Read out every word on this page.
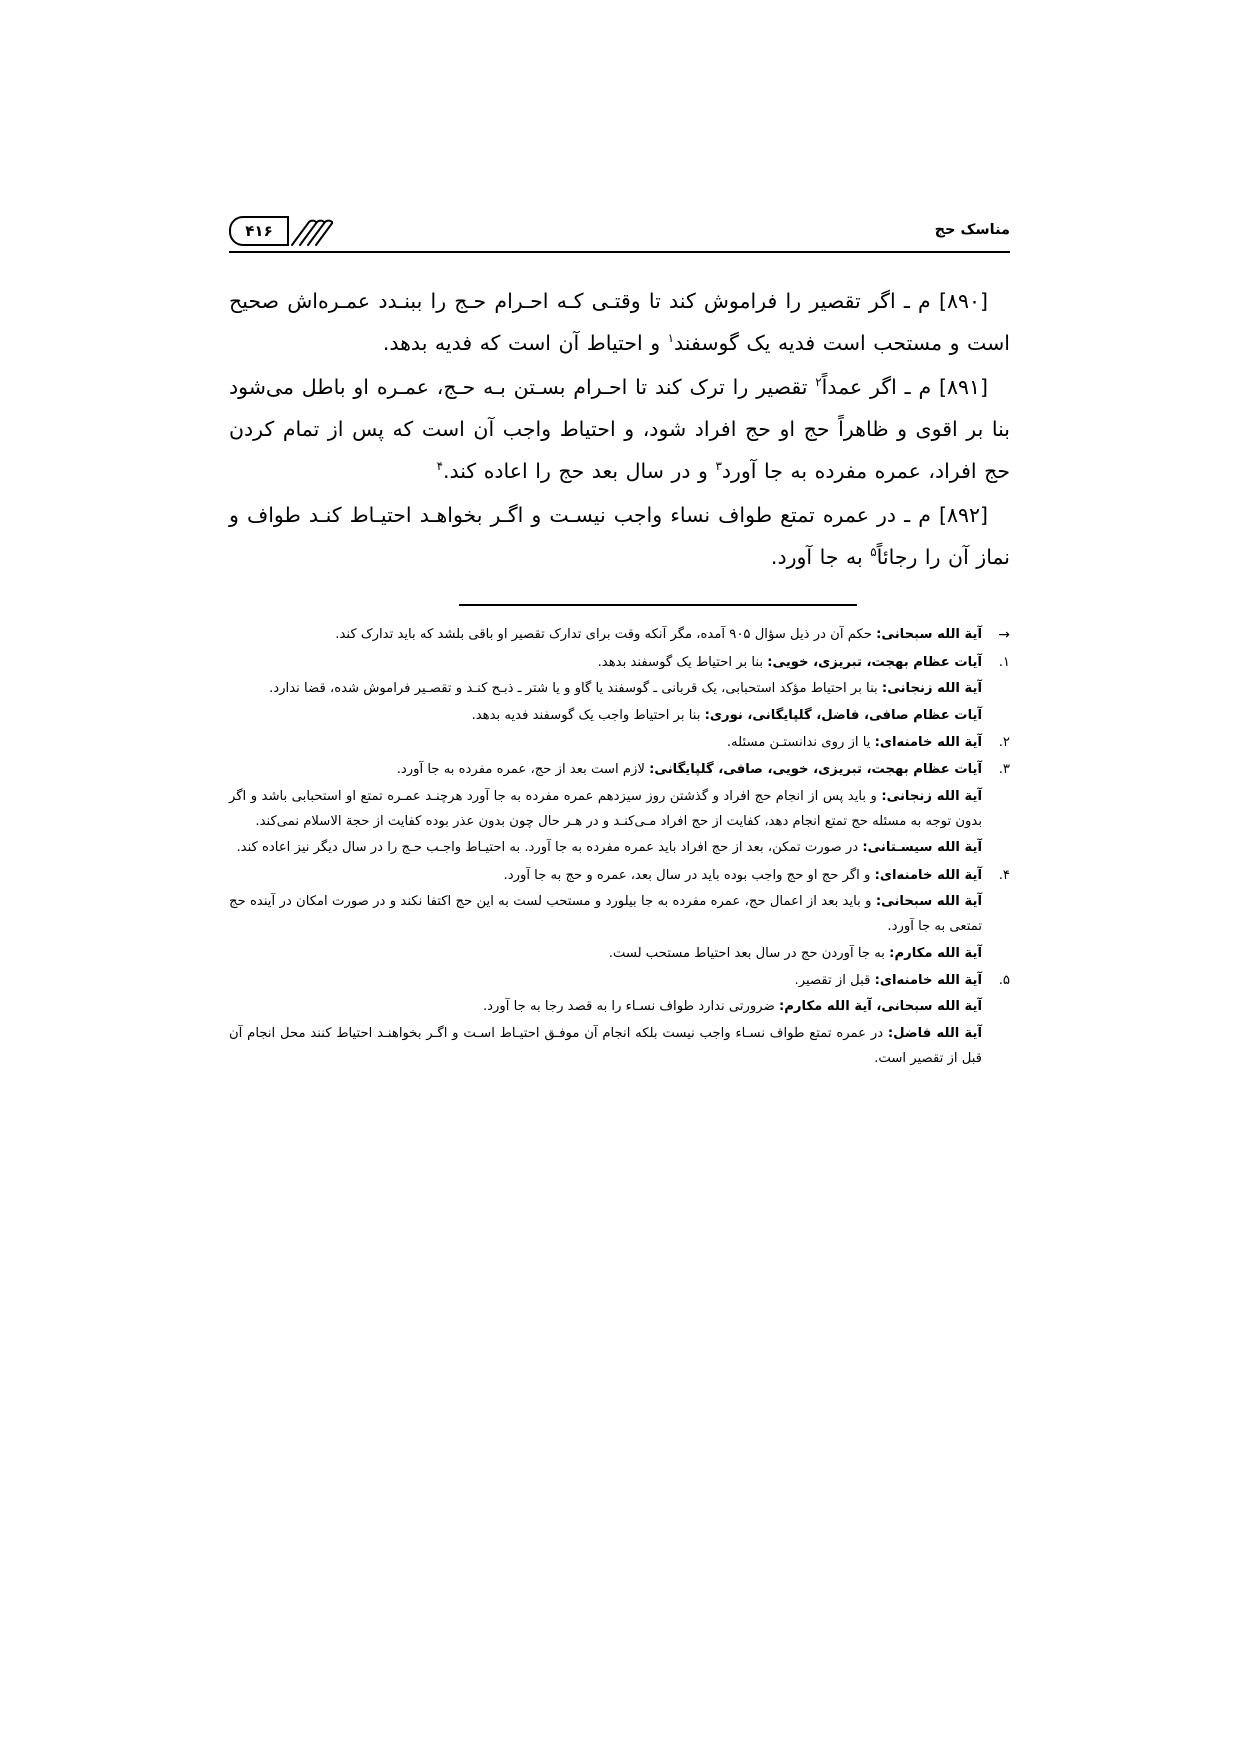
مناسک حج
۴۱۶

[۸۹۰] م ـ اگر تقصیر را فراموش کند تا وقتـی کـه احـرام حـج را ببنـدد عمـره‌اش صحیح است و مستحب است فدیه یک گوسفند$^۱$ و احتیاط آن است که فدیه بدهد.

[۸۹۱] م ـ اگر عمداً$^۲$ تقصیر را ترک کند تا احـرام بسـتن بـه حـج، عمـره او باطل می‌شود بنا بر اقوی و ظاهراً حج او حج افراد شود، و احتیاط واجب آن است که پس از تمام کردن حج افراد، عمره مفرده به جا آورد$^۳$ و در سال بعد حج را اعاده کند.$^۴$

[۸۹۲] م ـ در عمره تمتع طواف نساء واجب نیسـت و اگـر بخواهـد احتیـاط کنـد طواف و نماز آن را رجائاً$^۵$ به جا آورد.

→

آیة الله سبحانی: حکم آن در ذیل سؤال ۹۰۵ آمده، مگر آنکه وقت برای تدارک تقصیر او باقی بلشد که باید تدارک کند.

۱.

آیات عظام بهجت، تبریزی، خویی: بنا بر احتیاط یک گوسفند بدهد.

آیة الله زنجانی: بنا بر احتیاط مؤکد استحبابی، یک قربانی ـ گوسفند یا گاو و یا شتر ـ ذبـح کنـد و تقصـیر فراموش شده، قضا ندارد.

آیات عظام صافی، فاضل، گلپایگانی، نوری: بنا بر احتیاط واجب یک گوسفند فدیه بدهد.

۲.

آیة الله خامنه‌ای: یا از روی ندانستـن مسئله.

۳.

آیات عظام بهجت، تبریزی، خویی، صافی، گلپایگانی: لازم است بعد از حج، عمره مفرده به جا آورد.

آیة الله زنجانی: و باید پس از انجام حج افراد و گذشتن روز سیزدهم عمره مفرده به جا آورد هرچنـد عمـره تمتع او استحبابی باشد و اگر بدون توجه به مسئله حج تمتع انجام دهد، کفایت از حج افراد مـی‌کنـد و در هـر حال چون بدون عذر بوده کفایت از حجة الاسلام نمی‌کند.

آیة الله سیسـتانی: در صورت تمکن، بعد از حج افراد باید عمره مفرده به جا آورد. به احتیـاط واجـب حـج را در سال دیگر نیز اعاده کند.

۴.

آیة الله خامنه‌ای: و اگر حج او حج واجب بوده باید در سال بعد، عمره و حج به جا آورد.

آیة الله سبحانی: و باید بعد از اعمال حج، عمره مفرده به جا بیلورد و مستحب لست به این حج اکتفا نکند و در صورت امکان در آینده حج تمتعی به جا آورد.

آیة الله مکارم: به جا آوردن حج در سال بعد احتیاط مستحب لست.

۵.

آیة الله خامنه‌ای: قبل از تقصیر.

آیة الله سبحانی، آیة الله مکارم: ضرورتی ندارد طواف نسـاء را به قصد رجا به جا آورد.

آیة الله فاضل: در عمره تمتع طواف نسـاء واجب نیست بلکه انجام آن موفـق احتیـاط اسـت و اگـر بخواهنـد احتیاط کنند محل انجام آن قبل از تقصیر است.
